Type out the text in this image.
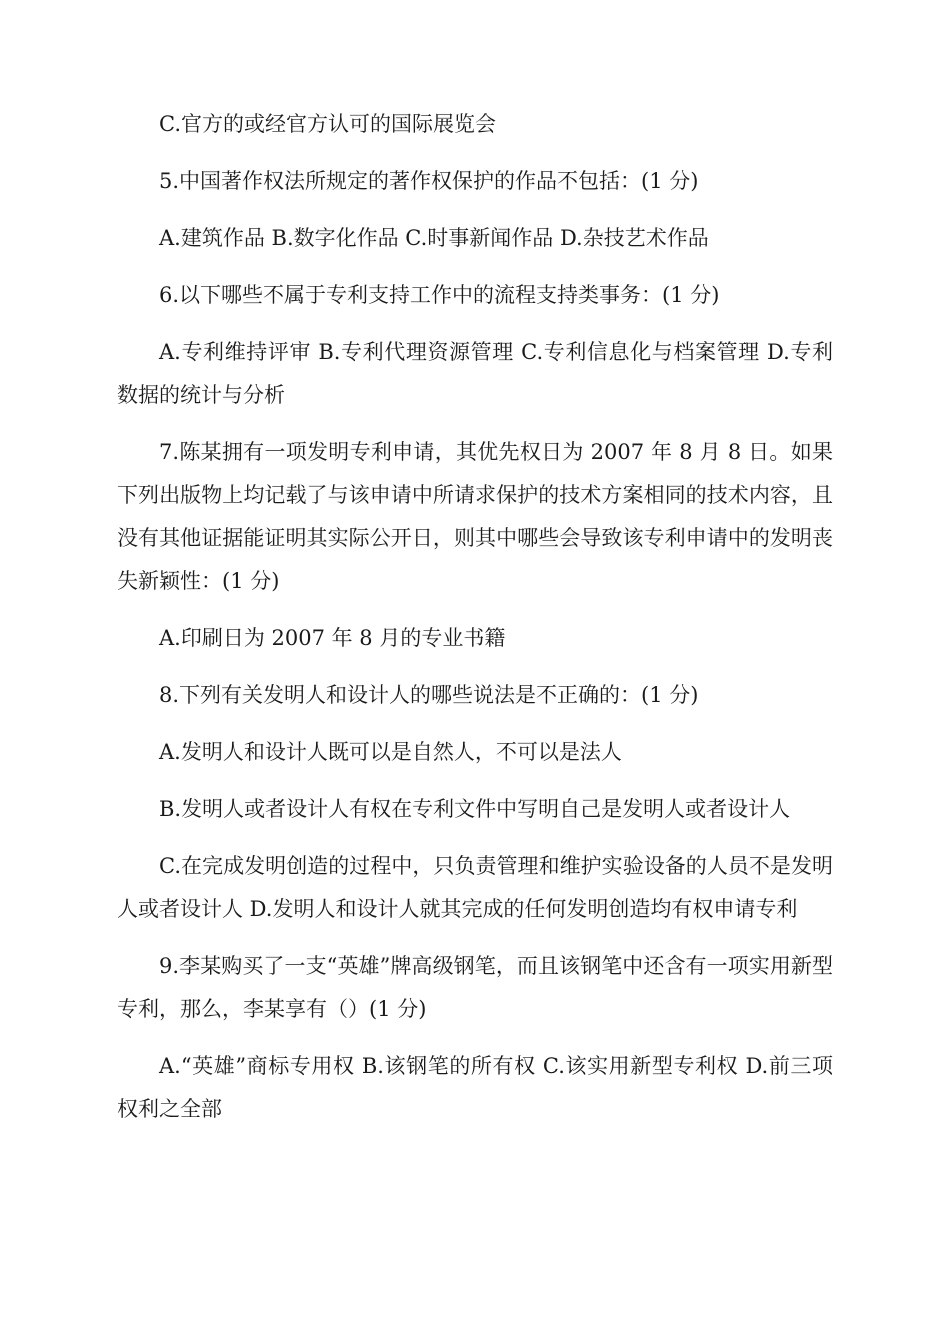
C.官方的或经官方认可的国际展览会

5.中国著作权法所规定的著作权保护的作品不包括：(1 分)

A.建筑作品 B.数字化作品 C.时事新闻作品 D.杂技艺术作品

6.以下哪些不属于专利支持工作中的流程支持类事务：(1 分)

A.专利维持评审 B.专利代理资源管理 C.专利信息化与档案管理 D.专利数据的统计与分析

7.陈某拥有一项发明专利申请，其优先权日为 2007 年 8 月 8 日。如果下列出版物上均记载了与该申请中所请求保护的技术方案相同的技术内容，且没有其他证据能证明其实际公开日，则其中哪些会导致该专利申请中的发明丧失新颖性：(1 分)

A.印刷日为 2007 年 8 月的专业书籍

8.下列有关发明人和设计人的哪些说法是不正确的：(1 分)

A.发明人和设计人既可以是自然人，不可以是法人

B.发明人或者设计人有权在专利文件中写明自己是发明人或者设计人

C.在完成发明创造的过程中，只负责管理和维护实验设备的人员不是发明人或者设计人 D.发明人和设计人就其完成的任何发明创造均有权申请专利

9.李某购买了一支“英雄”牌高级钢笔，而且该钢笔中还含有一项实用新型专利，那么，李某享有（）(1 分)

A.“英雄”商标专用权 B.该钢笔的所有权 C.该实用新型专利权 D.前三项权利之全部
